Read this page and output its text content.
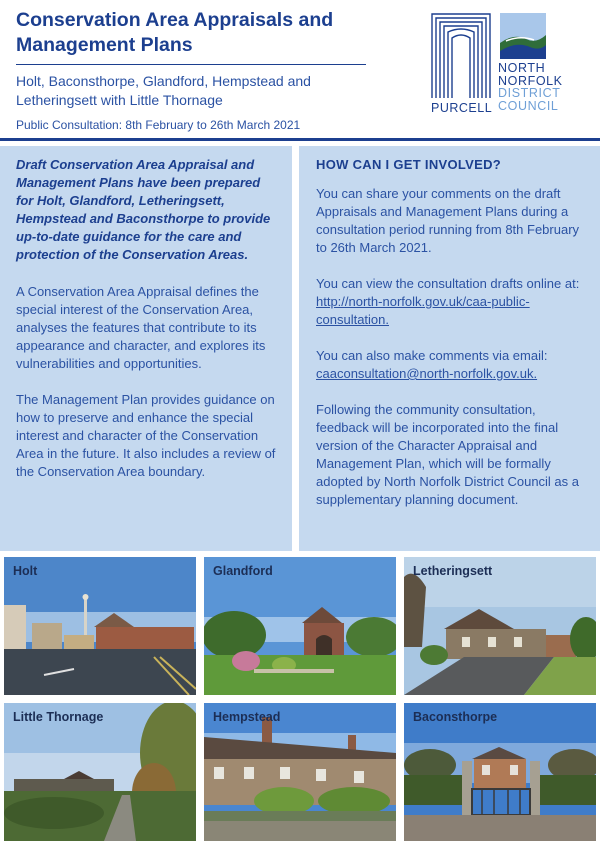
Conservation Area Appraisals and
Management Plans
Holt, Baconsthorpe, Glandford, Hempstead and
Letheringsett with Little Thornage
Public Consultation: 8th February to 26th March 2021
PURCELL
NORTH
NORFOLK
DISTRICT
COUNCIL

Draft Conservation Area Appraisal and Management Plans have been prepared for Holt, Glandford, Letheringsett, Hempstead and Baconsthorpe to provide up-to-date guidance for the care and protection of the Conservation Areas.

A Conservation Area Appraisal defines the special interest of the Conservation Area, analyses the features that contribute to its appearance and character, and explores its vulnerabilities and opportunities.

The Management Plan provides guidance on how to preserve and enhance the special interest and character of the Conservation Area in the future. It also includes a review of the Conservation Area boundary.

HOW CAN I GET INVOLVED?

You can share your comments on the draft Appraisals and Management Plans during a consultation period running from 8th February to 26th March 2021.

You can view the consultation drafts online at: http://north-norfolk.gov.uk/caa-public-consultation.

You can also make comments via email: caaconsultation@north-norfolk.gov.uk.

Following the community consultation, feedback will be incorporated into the final version of the Character Appraisal and Management Plan, which will be formally adopted by North Norfolk District Council as a supplementary planning document.

Holt	Glandford	Letheringsett
Little Thornage	Hempstead	Baconsthorpe
